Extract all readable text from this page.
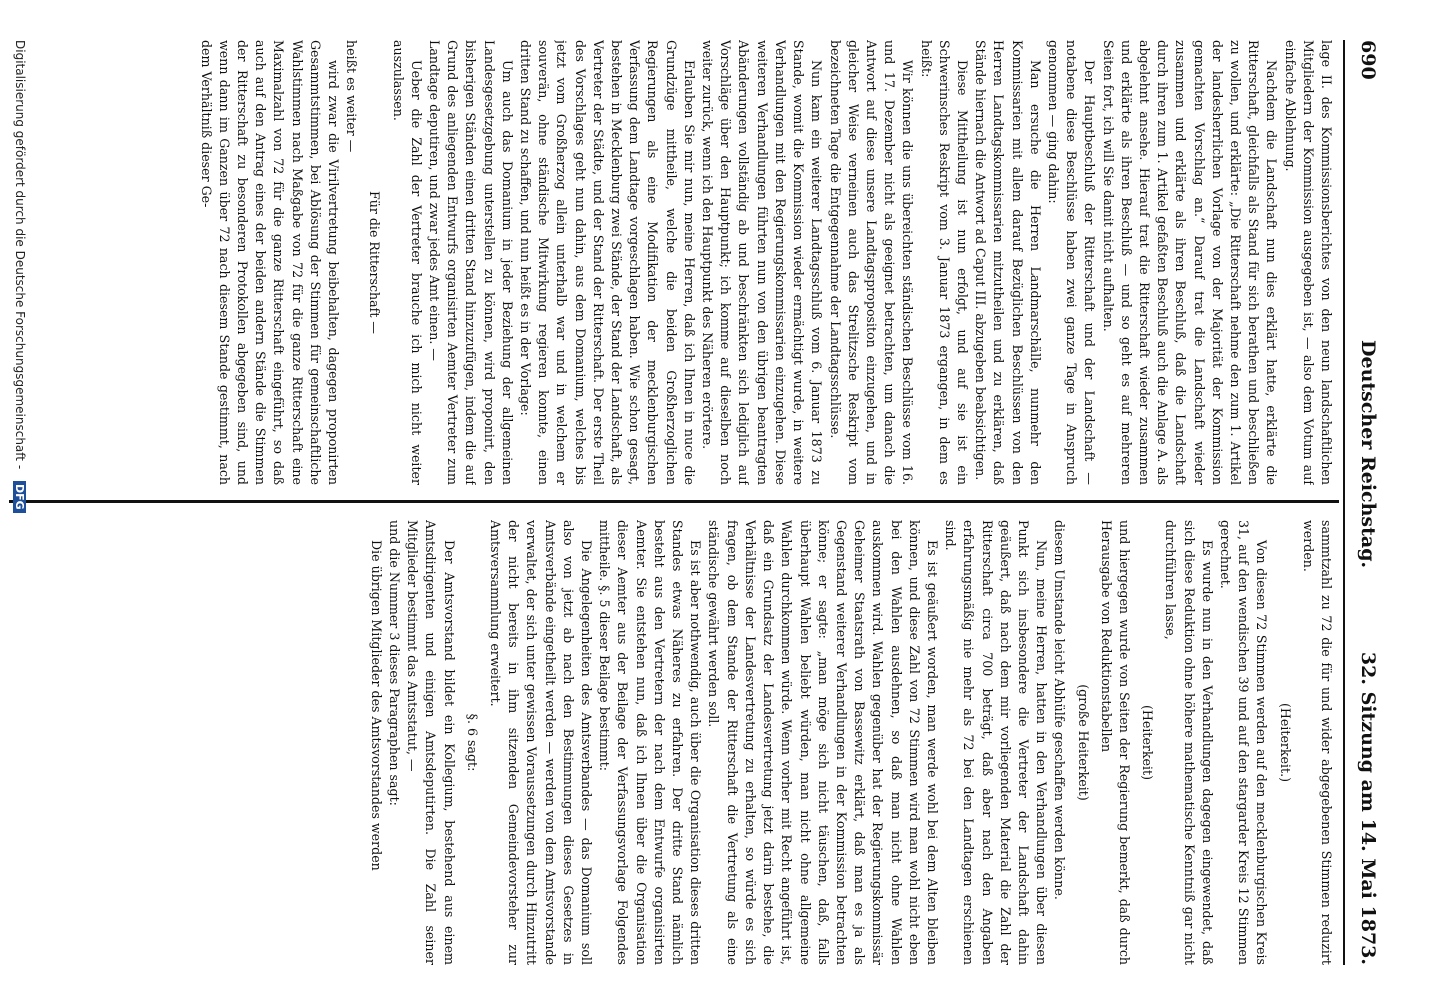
690
Deutscher Reichstag.
32. Sitzung am 14. Mai 1873.

lage II. des Kommissionsberichtes von den neun landschaftlichen Mitgliedern der Kommission ausgegeben ist, — also dem Votum auf einfache Ablehnung.

Nachdem die Landschaft nun dies erklärt hatte, erklärte die Ritterschaft, gleichfalls als Stand für sich berathen und beschließen zu wollen, und erklärte: „Die Ritterschaft nehme den zum 1. Artikel der landesherrlichen Vorlage von der Majorität der Kommission gemachten Vorschlag an.“ Darauf trat die Landschaft wieder zusammen und erklärte als ihren Beschluß, daß die Landschaft durch ihren zum 1. Artikel gefaßten Beschluß auch die Anlage A. als abgelehnt ansehe. Hierauf trat die Ritterschaft wieder zusammen und erklärte als ihren Beschluß — und so geht es auf mehreren Seiten fort, ich will Sie damit nicht aufhalten.

Der Hauptbeschluß der Ritterschaft und der Landschaft — notabene diese Beschlüsse haben zwei ganze Tage in Anspruch genommen — ging dahin:

Man ersuche die Herren Landmarschälle, nunmehr den Kommissarien mit allem darauf Bezüglichen Beschlüssen von den Herren Landtagskommissarien mitzutheilen und zu erklären, daß Stände hiernach die Antwort ad Caput III. abzugeben beabsichtigen.

Diese Mittheilung ist nun erfolgt, und auf sie ist ein Schwerinsches Reskript vom 3. Januar 1873 ergangen, in dem es heißt:

Wir können die uns übereichten ständischen Beschlüsse vom 16. und 17. Dezember nicht als geeignet betrachten, um danach die Antwort auf diese unsere Landtagspropositon einzugehen, und in gleicher Weise verneinen auch das Strelitzsche Reskript vom bezeichneten Tage die Entgegennahme der Landtagsschlüsse.

Nun kam ein weiterer Landtagsschluß vom 6. Januar 1873 zu Stande, womit die Kommission wieder ermächtigt wurde, in weitere Verhandlungen mit den Regierungskommissarien einzugehen. Diese weiteren Verhandlungen führten nun von den übrigen beantragten Abänderungen vollständig ab und beschränkten sich lediglich auf Vorschläge über den Hauptpunkt; ich komme auf dieselben noch weiter zurück, wenn ich den Hauptpunkt des Näheren erörtere.

Erlauben Sie mir nun, meine Herren, daß ich Ihnen in nuce die Grundzüge mittheile, welche die beiden Großherzoglichen Regierungen als eine Modifikation der mecklenburgischen Verfassung dem Landtage vorgeschlagen haben. Wie schon gesagt, bestehen in Mecklenburg zwei Stände, der Stand der Landschaft, als Vertreter der Städte, und der Stand der Ritterschaft. Der erste Theil des Vorschlages geht nun dahin, aus dem Domanium, welches bis jetzt vom Großherzog allein unterhalb war und in welchem er souverän, ohne ständische Mitwirkung regieren konnte, einen dritten Stand zu schaffen, und nun heißt es in der Vorlage:

Um auch das Domanium in jeder Beziehung der allgemeinen Landesgesetzgebung unterstellen zu können, wird proponirt, den bisherigen Ständen einen dritten Stand hinzuzufügen, indem die auf Grund des anliegenden Entwurfs organisirten Aemter Vertreter zum Landtage deputiren, und zwar jedes Amt einen. —

Ueber die Zahl der Vertreter brauche ich mich nicht weiter auszulassen.

Für die Ritterschaft —

heißt es weiter —

wird zwar die Virilvertretung beibehalten, dagegen proponirten Gesammtstimmen, bei Ablösung der Stimmen für gemeinschaftliche Wahlstimmen nach Maßgabe von 72 für die ganze Ritterschaft eine Maximalzahl von 72 für die ganze Ritterschaft eingeführt, so daß auch auf den Antrag eines der beiden andern Stände die Stimmen der Ritterschaft zu besonderen Protokollen abgegeben sind, und wenn dann im Ganzen über 72 nach diesem Stande gestimmt, nach dem Verhältniß dieser Ge-

sammtzahl zu 72 die für und wider abgegebenen Stimmen reduzirt werden.

(Heiterkeit.)

Von diesen 72 Stimmen werden auf den mecklenburgischen Kreis 31, auf den wendischen 39 und auf den stargarder Kreis 12 Stimmen gerechnet.

Es wurde nun in den Verhandlungen dagegen eingewendet, daß sich diese Reduktion ohne höhere mathematische Kenntniß gar nicht durchführen lasse,

(Heiterkeit)

und hiergegen wurde von Seiten der Regierung bemerkt, daß durch Herausgabe von Reduktionstabellen

(große Heiterkeit)

diesem Umstande leicht Abhülfe geschaffen werden könne.

Nun, meine Herren, hatten in den Verhandlungen über diesen Punkt sich insbesondere die Vertreter der Landschaft dahin geäußert, daß nach dem mir vorliegenden Material die Zahl der Ritterschaft circa 700 beträgt, daß aber nach den Angaben erfahrungsmäßig nie mehr als 72 bei den Landtagen erschienen sind.

Es ist geäußert worden, man werde wohl bei dem Alten bleiben können, und diese Zahl von 72 Stimmen wird man wohl nicht eben bei den Wahlen ausdehnen, so daß man nicht ohne Wahlen auskommen wird. Wahlen gegenüber hat der Regierungskommissär Geheimer Staatsrath von Bassewitz erklärt, daß man es ja als Gegenstand weiterer Verhandlungen in der Kommission betrachten könne; er sagte: „man möge sich nicht täuschen, daß, falls überhaupt Wahlen beliebt würden, man nicht ohne allgemeine Wahlen durchkommen würde. Wenn vorher mit Recht angeführt ist, daß ein Grundsatz der Landesvertretung jetzt darin bestehe, die Verhältnisse der Landesvertretung zu erhalten, so würde es sich fragen, ob dem Stande der Ritterschaft die Vertretung als eine ständische gewährt werden soll.

Es ist aber nothwendig, auch über die Organisation dieses dritten Standes etwas Näheres zu erfahren. Der dritte Stand nämlich besteht aus den Vertretern der nach dem Entwurfe organisirten Aemter. Sie entstehen nun, daß ich Ihnen über die Organisation dieser Aemter aus der Beilage der Verfassungsvorlage Folgendes mittheile. §. 5 dieser Beilage bestimmt:

Die Angelegenheiten des Amtsverbandes — das Domanium soll also von jetzt ab nach den Bestimmungen dieses Gesetzes in Amtsverbände eingetheilt werden — werden von dem Amtsvorstande verwaltet, der sich unter gewissen Voraussetzungen durch Hinzutritt der nicht bereits in ihm sitzenden Gemeindevorsteher zur Amtsversammlung erweitert.

§. 6 sagt:

Der Amtsvorstand bildet ein Kollegium, bestehend aus einem Amtsdirigenten und einigen Amtsdeputirten. Die Zahl seiner Mitglieder bestimmt das Amtsstatut, —

und die Nummer 3 dieses Paragraphen sagt:

Die übrigen Mitglieder des Amtsvorstandes werden

Digitalisierung gefördert durch die Deutsche Forschungsgemeinschaft - DFG
